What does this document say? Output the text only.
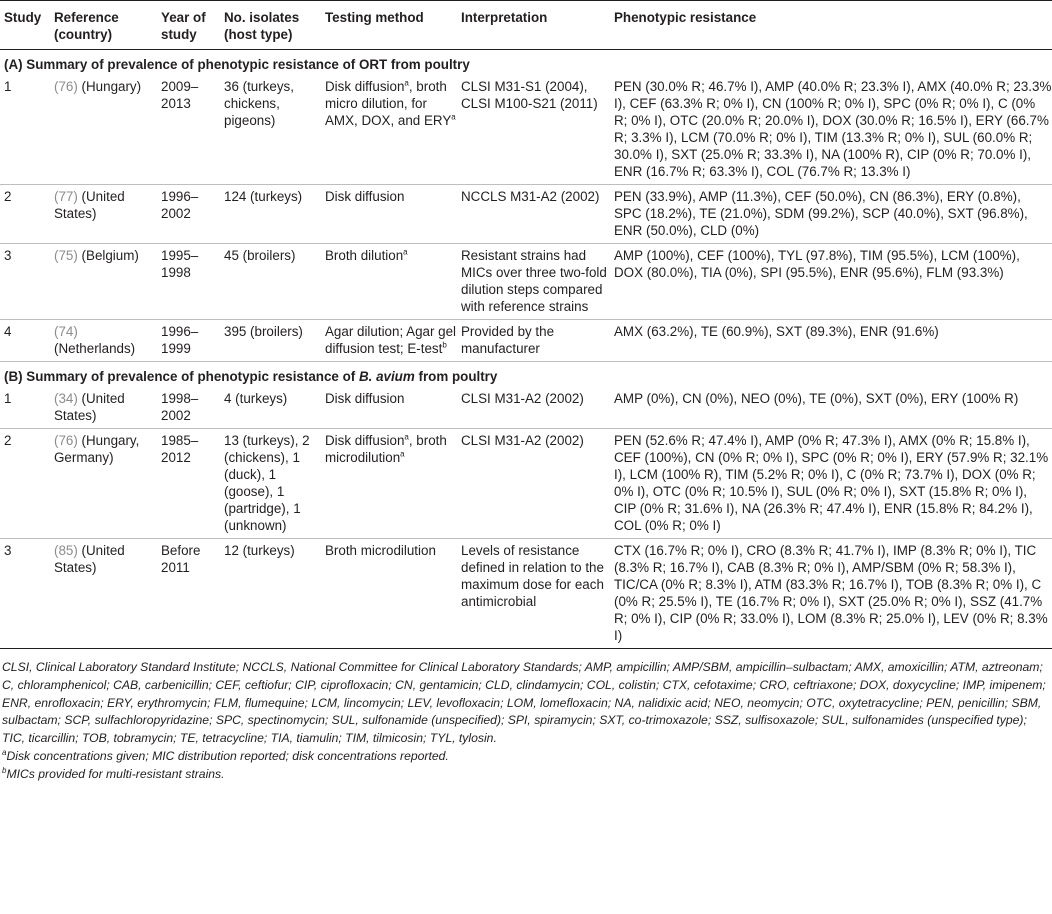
Study	Reference (country)	Year of study	No. isolates (host type)	Testing method	Interpretation	Phenotypic resistance
(A) Summary of prevalence of phenotypic resistance of ORT from poultry						
1	(76) (Hungary)	2009–2013	36 (turkeys, chickens, pigeons)	Disk diffusion$^a$, broth micro dilution, for AMX, DOX, and ERY$^a$	CLSI M31-S1 (2004), CLSI M100-S21 (2011)	PEN (30.0% R; 46.7% I), AMP (40.0% R; 23.3% I), AMX (40.0% R; 23.3% I), CEF (63.3% R; 0% I), CN (100% R; 0% I), SPC (0% R; 0% I), C (0% R; 0% I), OTC (20.0% R; 20.0% I), DOX (30.0% R; 16.5% I), ERY (66.7% R; 3.3% I), LCM (70.0% R; 0% I), TIM (13.3% R; 0% I), SUL (60.0% R; 30.0% I), SXT (25.0% R; 33.3% I), NA (100% R), CIP (0% R; 70.0% I), ENR (16.7% R; 63.3% I), COL (76.7% R; 13.3% I)
2	(77) (United States)	1996–2002	124 (turkeys)	Disk diffusion	NCCLS M31-A2 (2002)	PEN (33.9%), AMP (11.3%), CEF (50.0%), CN (86.3%), ERY (0.8%), SPC (18.2%), TE (21.0%), SDM (99.2%), SCP (40.0%), SXT (96.8%), ENR (50.0%), CLD (0%)
3	(75) (Belgium)	1995–1998	45 (broilers)	Broth dilution$^a$	Resistant strains had MICs over three two-fold dilution steps compared with reference strains	AMP (100%), CEF (100%), TYL (97.8%), TIM (95.5%), LCM (100%), DOX (80.0%), TIA (0%), SPI (95.5%), ENR (95.6%), FLM (93.3%)
4	(74) (Netherlands)	1996–1999	395 (broilers)	Agar dilution; Agar gel diffusion test; E-test$^b$	Provided by the manufacturer	AMX (63.2%), TE (60.9%), SXT (89.3%), ENR (91.6%)
(B) Summary of prevalence of phenotypic resistance of B. avium from poultry						
1	(34) (United States)	1998–2002	4 (turkeys)	Disk diffusion	CLSI M31-A2 (2002)	AMP (0%), CN (0%), NEO (0%), TE (0%), SXT (0%), ERY (100% R)
2	(76) (Hungary, Germany)	1985–2012	13 (turkeys), 2 (chickens), 1 (duck), 1 (goose), 1 (partridge), 1 (unknown)	Disk diffusion$^a$, broth microdilution$^a$	CLSI M31-A2 (2002)	PEN (52.6% R; 47.4% I), AMP (0% R; 47.3% I), AMX (0% R; 15.8% I), CEF (100%), CN (0% R; 0% I), SPC (0% R; 0% I), ERY (57.9% R; 32.1% I), LCM (100% R), TIM (5.2% R; 0% I), C (0% R; 73.7% I), DOX (0% R; 0% I), OTC (0% R; 10.5% I), SUL (0% R; 0% I), SXT (15.8% R; 0% I), CIP (0% R; 31.6% I), NA (26.3% R; 47.4% I), ENR (15.8% R; 84.2% I), COL (0% R; 0% I)
3	(85) (United States)	Before 2011	12 (turkeys)	Broth microdilution	Levels of resistance defined in relation to the maximum dose for each antimicrobial	CTX (16.7% R; 0% I), CRO (8.3% R; 41.7% I), IMP (8.3% R; 0% I), TIC (8.3% R; 16.7% I), CAB (8.3% R; 0% I), AMP/SBM (0% R; 58.3% I), TIC/CA (0% R; 8.3% I), ATM (83.3% R; 16.7% I), TOB (8.3% R; 0% I), C (0% R; 25.5% I), TE (16.7% R; 0% I), SXT (25.0% R; 0% I), SSZ (41.7% R; 0% I), CIP (0% R; 33.0% I), LOM (8.3% R; 25.0% I), LEV (0% R; 8.3% I)
CLSI, Clinical Laboratory Standard Institute; NCCLS, National Committee for Clinical Laboratory Standards; AMP, ampicillin; AMP/SBM, ampicillin–sulbactam; AMX, amoxicillin; ATM, aztreonam; C, chloramphenicol; CAB, carbenicillin; CEF, ceftiofur; CIP, ciprofloxacin; CN, gentamicin; CLD, clindamycin; COL, colistin; CTX, cefotaxime; CRO, ceftriaxone; DOX, doxycycline; IMP, imipenem; ENR, enrofloxacin; ERY, erythromycin; FLM, flumequine; LCM, lincomycin; LEV, levofloxacin; LOM, lomefloxacin; NA, nalidixic acid; NEO, neomycin; OTC, oxytetracycline; PEN, penicillin; SBM, sulbactam; SCP, sulfachloropyridazine; SPC, spectinomycin; SUL, sulfonamide (unspecified); SPI, spiramycin; SXT, co-trimoxazole; SSZ, sulfisoxazole; SUL, sulfonamides (unspecified type); TIC, ticarcillin; TOB, tobramycin; TE, tetracycline; TIA, tiamulin; TIM, tilmicosin; TYL, tylosin.
$^a$Disk concentrations given; MIC distribution reported; disk concentrations reported.
$^b$MICs provided for multi-resistant strains.
